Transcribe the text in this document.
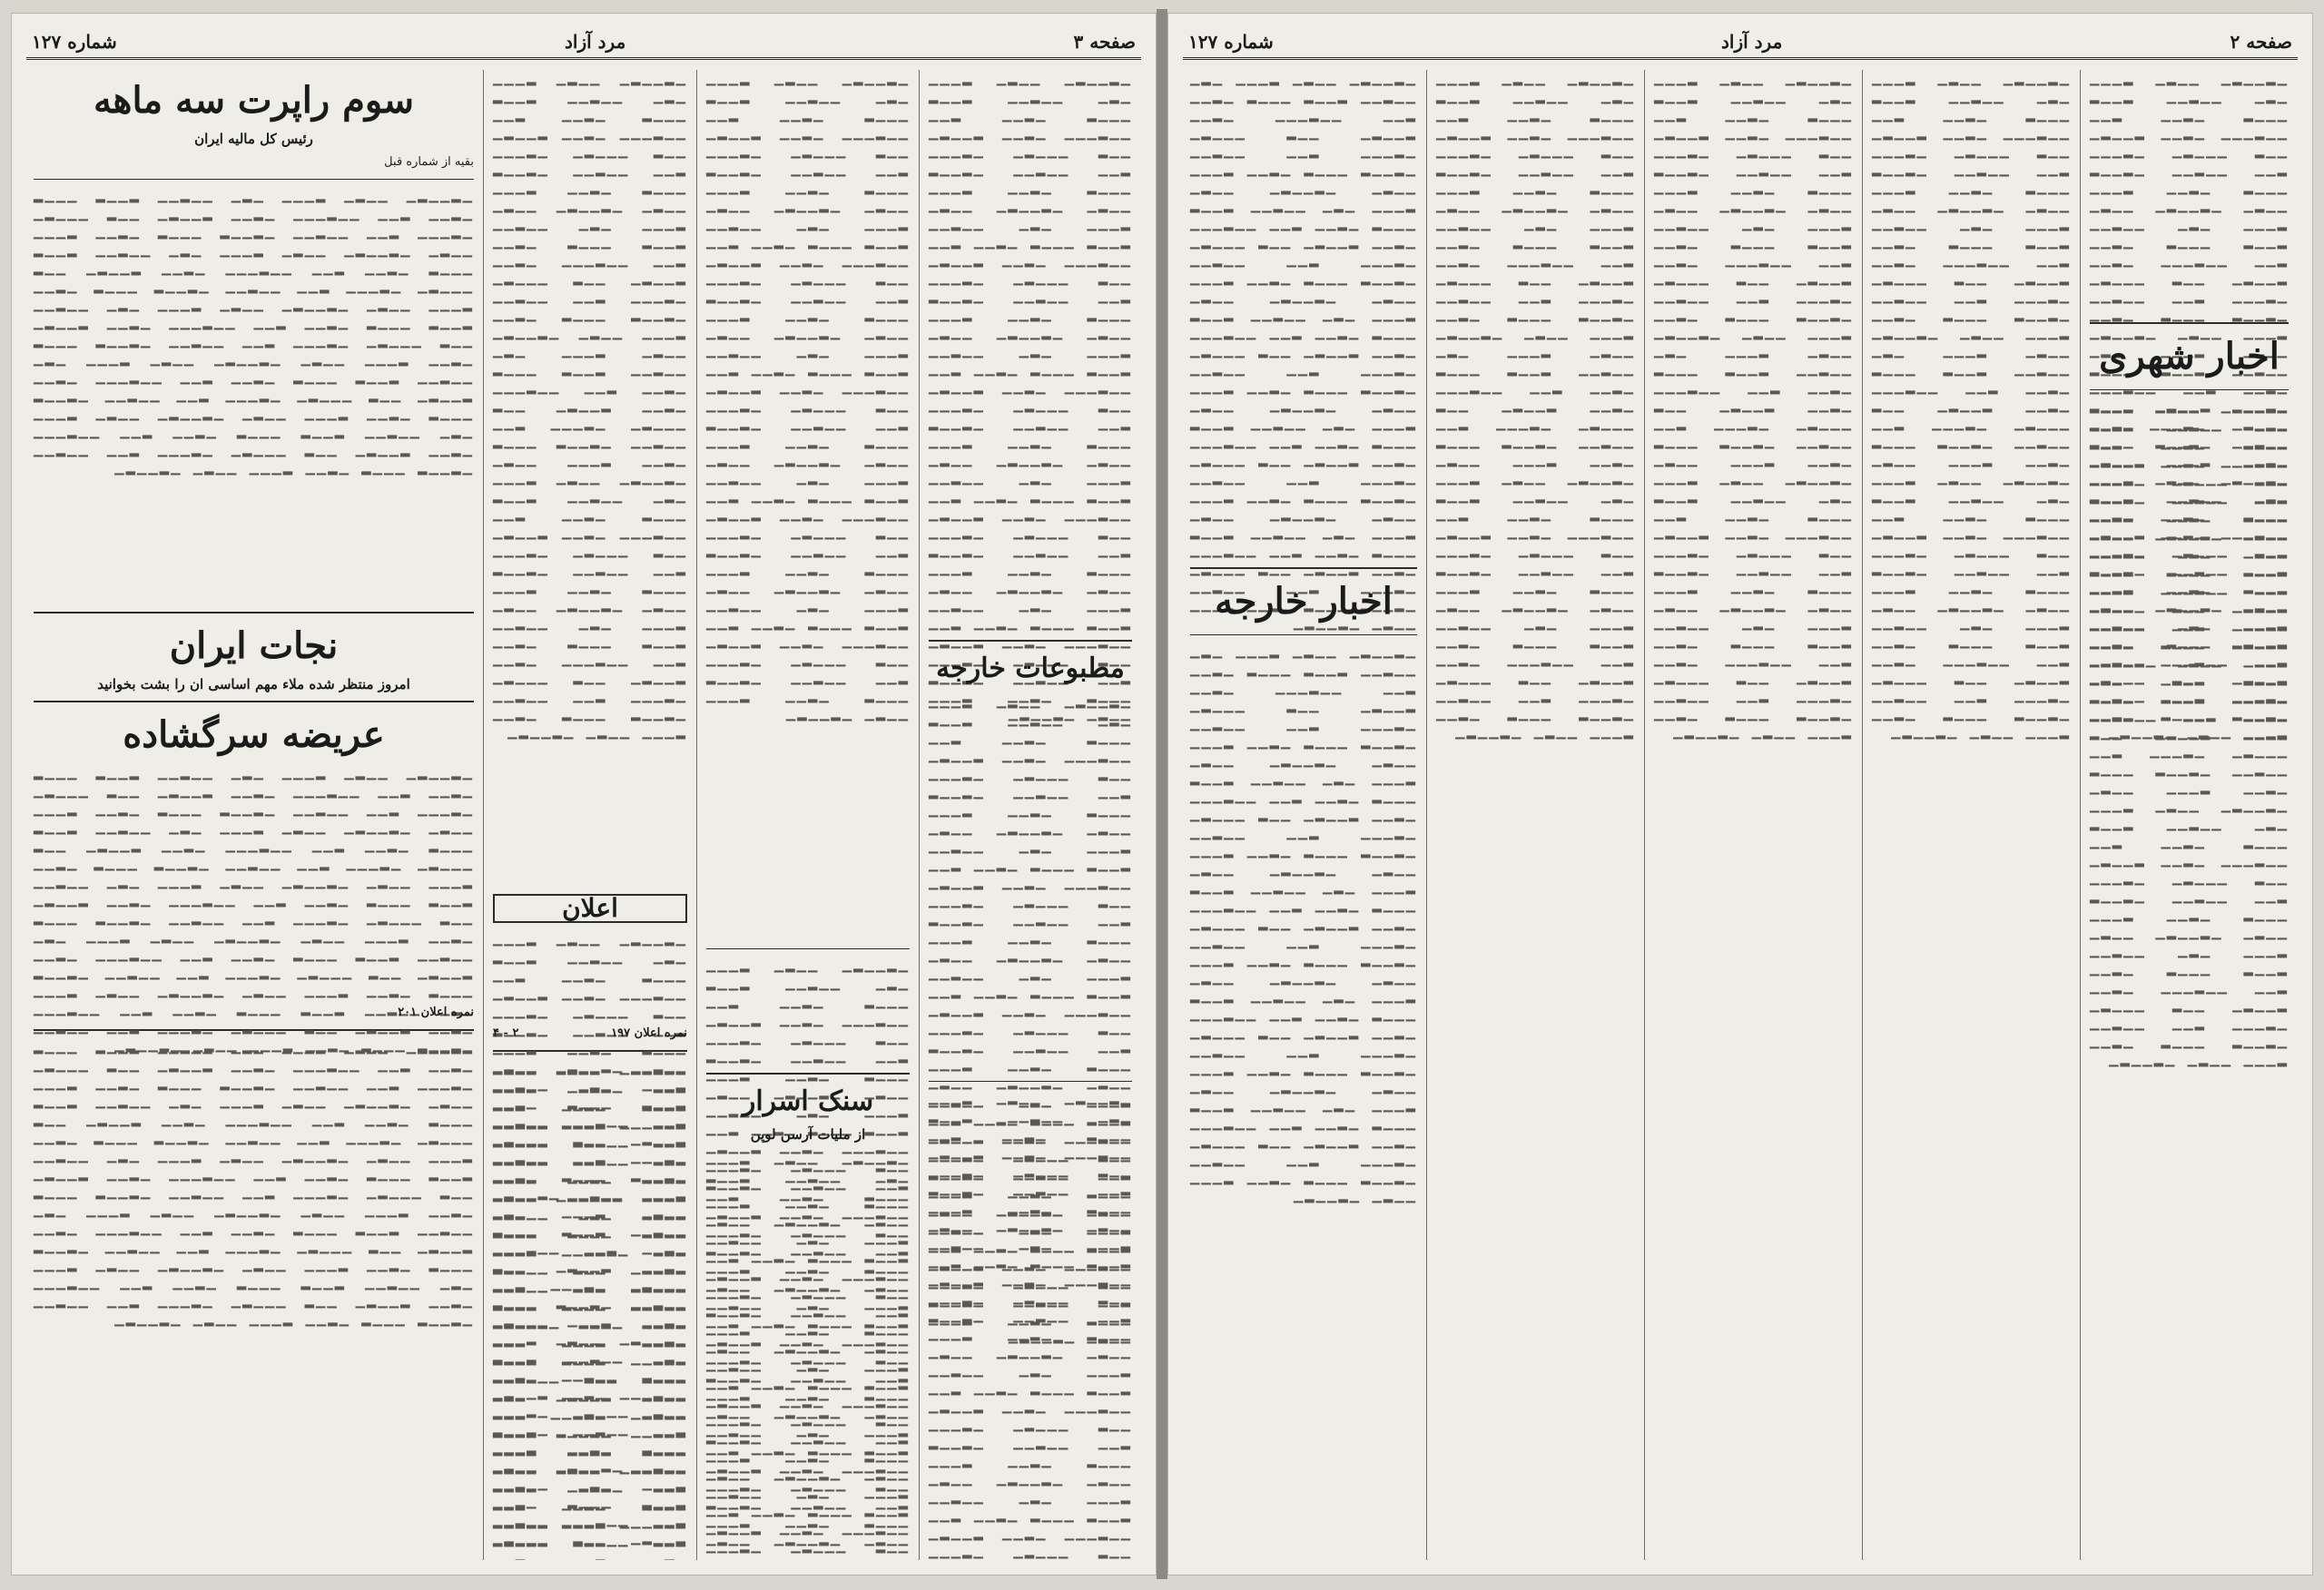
صفحه ۳
مرد آزاد
شماره ۱۲۷
▁▂▁▁▂▁ ▁▁▂▁ ▂▁▁▁ ▁▂▁ ▁▁▂▁▁ ▂▁▁▂ ▁▁▁▂ ▁▂▁▁ ▂▁▁ ▁▁▂▁▁▁ ▁▂▁▁ ▂▁▁▂▁ ▁▁▂ ▁▁▁▂▁ ▁▂▁▁▁ ▂▁▁ ▁▁▂▁▁ ▁▂▁▁▂ ▁▁▁▂ ▁▂▁▁ ▂▁▁▁ ▁▁▂▁ ▁▂▁▁▂▁ ▁▁▂▁ ▂▁▁▁ ▁▂▁ ▁▁▂▁▁ ▂▁▁▂ ▁▁▁▂ ▁▂▁▁ ▂▁▁ ▁▁▂▁▁▁ ▁▂▁▁ ▂▁▁▂▁ ▁▁▂ ▁▁▁▂▁ ▁▂▁▁▁ ▂▁▁ ▁▁▂▁▁ ▁▂▁▁▂ ▁▁▁▂ ▁▂▁▁ ▂▁▁▁ ▁▁▂▁ ▁▂▁▁▂▁ ▁▁▂▁ ▂▁▁▁ ▁▂▁ ▁▁▂▁▁ ▂▁▁▂ ▁▁▁▂ ▁▂▁▁ ▂▁▁ ▁▁▂▁▁▁ ▁▂▁▁ ▂▁▁▂▁ ▁▁▂ ▁▁▁▂▁ ▁▂▁▁▁ ▂▁▁ ▁▁▂▁▁ ▁▂▁▁▂ ▁▁▁▂ ▁▂▁▁ ▂▁▁▁ ▁▁▂▁ ▁▂▁▁▂▁ ▁▁▂▁ ▂▁▁▁ ▁▂▁ ▁▁▂▁▁ ▂▁▁▂ ▁▁▁▂ ▁▂▁▁ ▂▁▁ ▁▁▂▁▁▁ ▁▂▁▁ ▂▁▁▂▁ ▁▁▂ ▁▁▁▂▁ ▁▂▁▁▁ ▂▁▁ ▁▁▂▁▁ ▁▂▁▁▂ ▁▁▁▂ ▁▂▁▁ ▂▁▁▁ ▁▁▂▁ ▁▂▁▁▂▁ ▁▁▂▁ ▂▁▁▁ ▁▂▁ ▁▁▂▁▁ ▂▁▁▂ ▁▁▁▂ ▁▂▁▁ ▂▁▁ ▁▁▂▁▁▁ ▁▂▁▁ ▂▁▁▂▁ ▁▁▂ ▁▁▁▂▁ ▁▂▁▁▁ ▂▁▁ ▁▁▂▁▁ ▁▂▁▁▂ ▁▁▁▂ ▁▂▁▁ ▂▁▁▁ ▁▁▂▁ ▁▂▁▁▂▁
مطبوعات خارجه
▁▂▁▁▂▁ ▁▁▂▁ ▂▁▁▁ ▁▂▁ ▁▁▂▁▁ ▂▁▁▂ ▁▁▁▂ ▁▂▁▁ ▂▁▁ ▁▁▂▁▁▁ ▁▂▁▁ ▂▁▁▂▁ ▁▁▂ ▁▁▁▂▁ ▁▂▁▁▁ ▂▁▁ ▁▁▂▁▁ ▁▂▁▁▂ ▁▁▁▂ ▁▂▁▁ ▂▁▁▁ ▁▁▂▁ ▁▂▁▁▂▁ ▁▁▂▁ ▂▁▁▁ ▁▂▁ ▁▁▂▁▁ ▂▁▁▂ ▁▁▁▂ ▁▂▁▁ ▂▁▁ ▁▁▂▁▁▁ ▁▂▁▁ ▂▁▁▂▁ ▁▁▂ ▁▁▁▂▁ ▁▂▁▁▁ ▂▁▁ ▁▁▂▁▁ ▁▂▁▁▂ ▁▁▁▂ ▁▂▁▁ ▂▁▁▁ ▁▁▂▁ ▁▂▁▁▂▁ ▁▁▂▁ ▂▁▁▁ ▁▂▁ ▁▁▂▁▁ ▂▁▁▂ ▁▁▁▂ ▁▂▁▁ ▂▁▁ ▁▁▂▁▁▁ ▁▂▁▁ ▂▁▁▂▁ ▁▁▂ ▁▁▁▂▁ ▁▂▁▁▁ ▂▁▁ ▁▁▂▁▁ ▁▂▁▁▂ ▁▁▁▂ ▁▂▁▁ ▂▁▁▁ ▁▁▂▁ ▁▂▁▁▂▁ ▁▁▂▁ ▂▁▁▁ ▁▂▁ ▁▁▂▁▁ ▂▁▁▂ ▁▁▁▂ ▁▂▁▁ ▂▁▁ ▁▁▂▁▁▁ ▁▂▁▁ ▂▁▁▂▁ ▁▁▂ ▁▁▁▂▁ ▁▂▁▁▁ ▂▁▁ ▁▁▂▁▁ ▁▂▁▁▂ ▁▁▁▂ ▁▂▁▁ ▂▁▁▁ ▁▁▂▁ ▁▂▁▁▂▁ ▁▁▂▁ ▂▁▁▁ ▁▂▁ ▁▁▂▁▁ ▂▁▁▂ ▁▁▁▂ ▁▂▁▁ ▂▁▁ ▁▁▂▁▁▁ ▁▂▁▁ ▂▁▁▂▁ ▁▁▂ ▁▁▁▂▁ ▁▂▁▁▁ ▂▁▁ ▁▁▂▁▁ ▁▂▁▁▂ ▁▁▁▂ ▁▂▁▁ ▂▁▁▁ ▁▁▂▁ ▁▂▁▁▂▁
▁▂▁▁▂▁ ▁▁▂▁ ▂▁▁▁ ▁▂▁ ▁▁▂▁▁ ▂▁▁▂ ▁▁▁▂ ▁▂▁▁ ▂▁▁ ▁▁▂▁▁▁ ▁▂▁▁ ▂▁▁▂▁ ▁▁▂ ▁▁▁▂▁ ▁▂▁▁▁ ▂▁▁ ▁▁▂▁▁ ▁▂▁▁▂ ▁▁▁▂ ▁▂▁▁ ▂▁▁▁ ▁▁▂▁ ▁▂▁▁▂▁ ▁▁▂▁ ▂▁▁▁ ▁▂▁ ▁▁▂▁▁ ▂▁▁▂ ▁▁▁▂ ▁▂▁▁ ▂▁▁ ▁▁▂▁▁▁ ▁▂▁▁ ▂▁▁▂▁ ▁▁▂ ▁▁▁▂▁ ▁▂▁▁▁ ▂▁▁ ▁▁▂▁▁ ▁▂▁▁▂ ▁▁▁▂ ▁▂▁▁ ▂▁▁▁ ▁▁▂▁ ▁▂▁▁▂▁ ▁▁▂▁ ▂▁▁▁ ▁▂▁ ▁▁▂▁▁ ▂▁▁▂ ▁▁▁▂ ▁▂▁▁ ▂▁▁ ▁▁▂▁▁▁ ▁▂▁▁ ▂▁▁▂▁ ▁▁▂ ▁▁▁▂▁ ▁▂▁▁▁ ▂▁▁ ▁▁▂▁▁ ▁▂▁▁▂ ▁▁▁▂ ▁▂▁▁ ▂▁▁▁ ▁▁▂▁ ▁▂▁▁▂▁ ▁▁▂▁ ▂▁▁▁ ▁▂▁ ▁▁▂▁▁ ▂▁▁▂ ▁▁▁▂ ▁▂▁▁ ▂▁▁ ▁▁▂▁▁▁ ▁▂▁▁ ▂▁▁▂▁ ▁▁▂ ▁▁▁▂▁ ▁▂▁▁▁ ▂▁▁ ▁▁▂▁▁ ▁▂▁▁▂ ▁▁▁▂ ▁▂▁▁ ▂▁▁▁ ▁▁▂▁ ▁▂▁▁▂▁ ▁▁▂▁ ▂▁▁▁ ▁▂▁ ▁▁▂▁▁ ▂▁▁▂ ▁▁▁▂ ▁▂▁▁ ▂▁▁ ▁▁▂▁▁▁ ▁▂▁▁ ▂▁▁▂▁ ▁▁▂ ▁▁▁▂▁ ▁▂▁▁▁ ▂▁▁ ▁▁▂▁▁ ▁▂▁▁▂ ▁▁▁▂ ▁▂▁▁ ▂▁▁▁ ▁▁▂▁ ▁▂▁▁▂▁
▁▂▁▁▂▁ ▁▁▂▁ ▂▁▁▁ ▁▂▁ ▁▁▂▁▁ ▂▁▁▂ ▁▁▁▂ ▁▂▁▁ ▂▁▁ ▁▁▂▁▁▁ ▁▂▁▁ ▂▁▁▂▁ ▁▁▂ ▁▁▁▂▁ ▁▂▁▁▁ ▂▁▁ ▁▁▂▁▁ ▁▂▁▁▂ ▁▁▁▂ ▁▂▁▁ ▂▁▁▁ ▁▁▂▁ ▁▂▁▁▂▁ ▁▁▂▁ ▂▁▁▁ ▁▂▁ ▁▁▂▁▁ ▂▁▁▂ ▁▁▁▂ ▁▂▁▁ ▂▁▁ ▁▁▂▁▁▁ ▁▂▁▁ ▂▁▁▂▁ ▁▁▂ ▁▁▁▂▁ ▁▂▁▁▁ ▂▁▁ ▁▁▂▁▁ ▁▂▁▁▂ ▁▁▁▂ ▁▂▁▁ ▂▁▁▁ ▁▁▂▁ ▁▂▁▁▂▁ ▁▁▂▁ ▂▁▁▁ ▁▂▁ ▁▁▂▁▁ ▂▁▁▂ ▁▁▁▂ ▁▂▁▁ ▂▁▁ ▁▁▂▁▁▁ ▁▂▁▁ ▂▁▁▂▁ ▁▁▂ ▁▁▁▂▁ ▁▂▁▁▁ ▂▁▁ ▁▁▂▁▁ ▁▂▁▁▂ ▁▁▁▂ ▁▂▁▁ ▂▁▁▁ ▁▁▂▁ ▁▂▁▁▂▁ ▁▁▂▁ ▂▁▁▁ ▁▂▁ ▁▁▂▁▁ ▂▁▁▂ ▁▁▁▂ ▁▂▁▁ ▂▁▁ ▁▁▂▁▁▁ ▁▂▁▁ ▂▁▁▂▁ ▁▁▂ ▁▁▁▂▁ ▁▂▁▁▁ ▂▁▁ ▁▁▂▁▁ ▁▂▁▁▂ ▁▁▁▂ ▁▂▁▁ ▂▁▁▁ ▁▁▂▁ ▁▂▁▁▂▁ ▁▁▂▁ ▂▁▁▁ ▁▂▁ ▁▁▂▁▁ ▂▁▁▂ ▁▁▁▂ ▁▂▁▁ ▂▁▁ ▁▁▂▁▁▁ ▁▂▁▁ ▂▁▁▂▁ ▁▁▂ ▁▁▁▂▁ ▁▂▁▁▁ ▂▁▁ ▁▁▂▁▁ ▁▂▁▁▂ ▁▁▁▂ ▁▂▁▁ ▂▁▁▁ ▁▁▂▁ ▁▂▁▁▂▁
▁▂▁▁▂▁ ▁▁▂▁ ▂▁▁▁ ▁▂▁ ▁▁▂▁▁ ▂▁▁▂ ▁▁▁▂ ▁▂▁▁ ▂▁▁ ▁▁▂▁▁▁ ▁▂▁▁ ▂▁▁▂▁ ▁▁▂ ▁▁▁▂▁ ▁▂▁▁▁ ▂▁▁ ▁▁▂▁▁ ▁▂▁▁▂ ▁▁▁▂ ▁▂▁▁ ▂▁▁▁ ▁▁▂▁ ▁▂▁▁▂▁ ▁▁▂▁ ▂▁▁▁ ▁▂▁ ▁▁▂▁▁ ▂▁▁▂ ▁▁▁▂ ▁▂▁▁ ▂▁▁ ▁▁▂▁▁▁ ▁▂▁▁ ▂▁▁▂▁ ▁▁▂ ▁▁▁▂▁ ▁▂▁▁▁ ▂▁▁ ▁▁▂▁▁ ▁▂▁▁▂ ▁▁▁▂ ▁▂▁▁ ▂▁▁▁ ▁▁▂▁ ▁▂▁▁▂▁ ▁▁▂▁ ▂▁▁▁ ▁▂▁ ▁▁▂▁▁ ▂▁▁▂ ▁▁▁▂ ▁▂▁▁ ▂▁▁ ▁▁▂▁▁▁ ▁▂▁▁ ▂▁▁▂▁ ▁▁▂ ▁▁▁▂▁ ▁▂▁▁▁ ▂▁▁ ▁▁▂▁▁ ▁▂▁▁▂ ▁▁▁▂ ▁▂▁▁ ▂▁▁▁ ▁▁▂▁ ▁▂▁▁▂▁ ▁▁▂▁ ▂▁▁▁ ▁▂▁ ▁▁▂▁▁ ▂▁▁▂ ▁▁▁▂ ▁▂▁▁ ▂▁▁ ▁▁▂▁▁▁ ▁▂▁▁ ▂▁▁▂▁ ▁▁▂ ▁▁▁▂▁ ▁▂▁▁▁ ▂▁▁ ▁▁▂▁▁ ▁▂▁▁▂ ▁▁▁▂ ▁▂▁▁ ▂▁▁▁ ▁▁▂▁ ▁▂▁▁▂▁ ▁▁▂▁ ▂▁▁▁ ▁▂▁ ▁▁▂▁▁ ▂▁▁▂ ▁▁▁▂ ▁▂▁▁ ▂▁▁ ▁▁▂▁▁▁ ▁▂▁▁ ▂▁▁▂▁ ▁▁▂ ▁▁▁▂▁ ▁▂▁▁▁ ▂▁▁ ▁▁▂▁▁ ▁▂▁▁▂ ▁▁▁▂ ▁▂▁▁ ▂▁▁▁ ▁▁▂▁ ▁▂▁▁▂▁
سنک اسرار
از ملیات آرسن لوپن
▁▂▁▁▂▁ ▁▁▂▁ ▂▁▁▁ ▁▂▁ ▁▁▂▁▁ ▂▁▁▂ ▁▁▁▂ ▁▂▁▁ ▂▁▁ ▁▁▂▁▁▁ ▁▂▁▁ ▂▁▁▂▁ ▁▁▂ ▁▁▁▂▁ ▁▂▁▁▁ ▂▁▁ ▁▁▂▁▁ ▁▂▁▁▂ ▁▁▁▂ ▁▂▁▁ ▂▁▁▁ ▁▁▂▁ ▁▂▁▁▂▁ ▁▁▂▁ ▂▁▁▁ ▁▂▁ ▁▁▂▁▁ ▂▁▁▂ ▁▁▁▂ ▁▂▁▁ ▂▁▁ ▁▁▂▁▁▁ ▁▂▁▁ ▂▁▁▂▁ ▁▁▂ ▁▁▁▂▁ ▁▂▁▁▁ ▂▁▁ ▁▁▂▁▁ ▁▂▁▁▂ ▁▁▁▂ ▁▂▁▁ ▂▁▁▁ ▁▁▂▁ ▁▂▁▁▂▁ ▁▁▂▁ ▂▁▁▁ ▁▂▁ ▁▁▂▁▁ ▂▁▁▂ ▁▁▁▂ ▁▂▁▁ ▂▁▁ ▁▁▂▁▁▁ ▁▂▁▁ ▂▁▁▂▁ ▁▁▂ ▁▁▁▂▁ ▁▂▁▁▁ ▂▁▁ ▁▁▂▁▁ ▁▂▁▁▂ ▁▁▁▂ ▁▂▁▁ ▂▁▁▁ ▁▁▂▁ ▁▂▁▁▂▁ ▁▁▂▁ ▂▁▁▁ ▁▂▁ ▁▁▂▁▁ ▂▁▁▂ ▁▁▁▂ ▁▂▁▁ ▂▁▁ ▁▁▂▁▁▁ ▁▂▁▁ ▂▁▁▂▁ ▁▁▂ ▁▁▁▂▁ ▁▂▁▁▁ ▂▁▁ ▁▁▂▁▁ ▁▂▁▁▂ ▁▁▁▂ ▁▂▁▁ ▂▁▁▁ ▁▁▂▁ ▁▂▁▁▂▁ ▁▁▂▁ ▂▁▁▁ ▁▂▁ ▁▁▂▁▁ ▂▁▁▂ ▁▁▁▂ ▁▂▁▁ ▂▁▁ ▁▁▂▁▁▁ ▁▂▁▁ ▂▁▁▂▁ ▁▁▂ ▁▁▁▂▁ ▁▂▁▁▁ ▂▁▁ ▁▁▂▁▁ ▁▂▁▁▂ ▁▁▁▂ ▁▂▁▁ ▂▁▁▁ ▁▁▂▁ ▁▂▁▁▂▁
▁▂▁▁▂▁ ▁▁▂▁ ▂▁▁▁ ▁▂▁ ▁▁▂▁▁ ▂▁▁▂ ▁▁▁▂ ▁▂▁▁ ▂▁▁ ▁▁▂▁▁▁ ▁▂▁▁ ▂▁▁▂▁ ▁▁▂ ▁▁▁▂▁ ▁▂▁▁▁ ▂▁▁ ▁▁▂▁▁ ▁▂▁▁▂ ▁▁▁▂ ▁▂▁▁ ▂▁▁▁ ▁▁▂▁ ▁▂▁▁▂▁ ▁▁▂▁ ▂▁▁▁ ▁▂▁ ▁▁▂▁▁ ▂▁▁▂ ▁▁▁▂ ▁▂▁▁ ▂▁▁ ▁▁▂▁▁▁ ▁▂▁▁ ▂▁▁▂▁ ▁▁▂ ▁▁▁▂▁ ▁▂▁▁▁ ▂▁▁ ▁▁▂▁▁ ▁▂▁▁▂ ▁▁▁▂ ▁▂▁▁ ▂▁▁▁ ▁▁▂▁ ▁▂▁▁▂▁ ▁▁▂▁ ▂▁▁▁ ▁▂▁ ▁▁▂▁▁ ▂▁▁▂ ▁▁▁▂ ▁▂▁▁ ▂▁▁ ▁▁▂▁▁▁ ▁▂▁▁ ▂▁▁▂▁ ▁▁▂ ▁▁▁▂▁ ▁▂▁▁▁ ▂▁▁ ▁▁▂▁▁ ▁▂▁▁▂ ▁▁▁▂ ▁▂▁▁ ▂▁▁▁ ▁▁▂▁ ▁▂▁▁▂▁ ▁▁▂▁ ▂▁▁▁ ▁▂▁ ▁▁▂▁▁ ▂▁▁▂ ▁▁▁▂ ▁▂▁▁ ▂▁▁ ▁▁▂▁▁▁ ▁▂▁▁ ▂▁▁▂▁ ▁▁▂ ▁▁▁▂▁ ▁▂▁▁▁ ▂▁▁ ▁▁▂▁▁ ▁▂▁▁▂ ▁▁▁▂ ▁▂▁▁ ▂▁▁▁ ▁▁▂▁ ▁▂▁▁▂▁ ▁▁▂▁ ▂▁▁▁ ▁▂▁ ▁▁▂▁▁ ▂▁▁▂ ▁▁▁▂ ▁▂▁▁ ▂▁▁ ▁▁▂▁▁▁ ▁▂▁▁ ▂▁▁▂▁ ▁▁▂ ▁▁▁▂▁ ▁▂▁▁▁ ▂▁▁ ▁▁▂▁▁ ▁▂▁▁▂ ▁▁▁▂ ▁▂▁▁ ▂▁▁▁ ▁▁▂▁ ▁▂▁▁▂▁
اعلان
▁▂▁▁▂▁ ▁▁▂▁ ▂▁▁▁ ▁▂▁ ▁▁▂▁▁ ▂▁▁▂ ▁▁▁▂ ▁▂▁▁ ▂▁▁ ▁▁▂▁▁▁ ▁▂▁▁ ▂▁▁▂▁ ▁▁▂ ▁▁▁▂▁ ▁▂▁▁▁ ▂▁▁ ▁▁▂▁▁ ▁▂▁▁▂ ▁▁▁▂ ▁▂▁▁ ▂▁▁▁ ▁▁▂▁ ▁▂▁▁▂▁ ▁▁▂▁ ▂▁▁▁ ▁▂▁ ▁▁▂▁▁ ▂▁▁▂ ▁▁▁▂ ▁▂▁▁ ▂▁▁ ▁▁▂▁▁▁ ▁▂▁▁ ▂▁▁▂▁ ▁▁▂ ▁▁▁▂▁ ▁▂▁▁▁ ▂▁▁ ▁▁▂▁▁ ▁▂▁▁▂ ▁▁▁▂ ▁▂▁▁ ▂▁▁▁ ▁▁▂▁ ▁▂▁▁▂▁ ▁▁▂▁ ▂▁▁▁ ▁▂▁ ▁▁▂▁▁ ▂▁▁▂ ▁▁▁▂ ▁▂▁▁ ▂▁▁ ▁▁▂▁▁▁ ▁▂▁▁ ▂▁▁▂▁ ▁▁▂ ▁▁▁▂▁ ▁▂▁▁▁ ▂▁▁ ▁▁▂▁▁ ▁▂▁▁▂ ▁▁▁▂ ▁▂▁▁ ▂▁▁▁ ▁▁▂▁ ▁▂▁▁▂▁ ▁▁▂▁ ▂▁▁▁ ▁▂▁ ▁▁▂▁▁ ▂▁▁▂ ▁▁▁▂ ▁▂▁▁ ▂▁▁ ▁▁▂▁▁▁ ▁▂▁▁ ▂▁▁▂▁ ▁▁▂ ▁▁▁▂▁ ▁▂▁▁▁ ▂▁▁ ▁▁▂▁▁ ▁▂▁▁▂ ▁▁▁▂ ▁▂▁▁ ▂▁▁▁ ▁▁▂▁ ▁▂▁▁▂▁ ▁▁▂▁ ▂▁▁▁ ▁▂▁ ▁▁▂▁▁ ▂▁▁▂ ▁▁▁▂ ▁▂▁▁ ▂▁▁ ▁▁▂▁▁▁ ▁▂▁▁ ▂▁▁▂▁ ▁▁▂ ▁▁▁▂▁ ▁▂▁▁▁ ▂▁▁ ▁▁▂▁▁ ▁▂▁▁▂ ▁▁▁▂ ▁▂▁▁ ▂▁▁▁ ▁▁▂▁ ▁▂▁▁▂▁
نمره اعلان ۱۹۷
۲ - ۴
▁▂▁▁▂▁ ▁▁▂▁ ▂▁▁▁ ▁▂▁ ▁▁▂▁▁ ▂▁▁▂ ▁▁▁▂ ▁▂▁▁ ▂▁▁ ▁▁▂▁▁▁ ▁▂▁▁ ▂▁▁▂▁ ▁▁▂ ▁▁▁▂▁ ▁▂▁▁▁ ▂▁▁ ▁▁▂▁▁ ▁▂▁▁▂ ▁▁▁▂ ▁▂▁▁ ▂▁▁▁ ▁▁▂▁ ▁▂▁▁▂▁ ▁▁▂▁ ▂▁▁▁ ▁▂▁ ▁▁▂▁▁ ▂▁▁▂ ▁▁▁▂ ▁▂▁▁ ▂▁▁ ▁▁▂▁▁▁ ▁▂▁▁ ▂▁▁▂▁ ▁▁▂ ▁▁▁▂▁ ▁▂▁▁▁ ▂▁▁ ▁▁▂▁▁ ▁▂▁▁▂ ▁▁▁▂ ▁▂▁▁ ▂▁▁▁ ▁▁▂▁ ▁▂▁▁▂▁ ▁▁▂▁ ▂▁▁▁ ▁▂▁ ▁▁▂▁▁ ▂▁▁▂ ▁▁▁▂ ▁▂▁▁ ▂▁▁ ▁▁▂▁▁▁ ▁▂▁▁ ▂▁▁▂▁ ▁▁▂ ▁▁▁▂▁ ▁▂▁▁▁ ▂▁▁ ▁▁▂▁▁ ▁▂▁▁▂ ▁▁▁▂ ▁▂▁▁ ▂▁▁▁ ▁▁▂▁ ▁▂▁▁▂▁ ▁▁▂▁ ▂▁▁▁ ▁▂▁ ▁▁▂▁▁ ▂▁▁▂ ▁▁▁▂ ▁▂▁▁ ▂▁▁ ▁▁▂▁▁▁ ▁▂▁▁ ▂▁▁▂▁ ▁▁▂ ▁▁▁▂▁ ▁▂▁▁▁ ▂▁▁ ▁▁▂▁▁ ▁▂▁▁▂ ▁▁▁▂ ▁▂▁▁ ▂▁▁▁ ▁▁▂▁ ▁▂▁▁▂▁ ▁▁▂▁ ▂▁▁▁ ▁▂▁ ▁▁▂▁▁ ▂▁▁▂ ▁▁▁▂ ▁▂▁▁ ▂▁▁ ▁▁▂▁▁▁ ▁▂▁▁ ▂▁▁▂▁ ▁▁▂ ▁▁▁▂▁ ▁▂▁▁▁ ▂▁▁ ▁▁▂▁▁ ▁▂▁▁▂ ▁▁▁▂ ▁▂▁▁ ▂▁▁▁ ▁▁▂▁ ▁▂▁▁▂▁
سوم راپرت سه ماهه
رئیس کل مالیه ایران
بقیه از شماره قبل
▁▂▁▁▂▁ ▁▁▂▁ ▂▁▁▁ ▁▂▁ ▁▁▂▁▁ ▂▁▁▂ ▁▁▁▂ ▁▂▁▁ ▂▁▁ ▁▁▂▁▁▁ ▁▂▁▁ ▂▁▁▂▁ ▁▁▂ ▁▁▁▂▁ ▁▂▁▁▁ ▂▁▁ ▁▁▂▁▁ ▁▂▁▁▂ ▁▁▁▂ ▁▂▁▁ ▂▁▁▁ ▁▁▂▁ ▁▂▁▁▂▁ ▁▁▂▁ ▂▁▁▁ ▁▂▁ ▁▁▂▁▁ ▂▁▁▂ ▁▁▁▂ ▁▂▁▁ ▂▁▁ ▁▁▂▁▁▁ ▁▂▁▁ ▂▁▁▂▁ ▁▁▂ ▁▁▁▂▁ ▁▂▁▁▁ ▂▁▁ ▁▁▂▁▁ ▁▂▁▁▂ ▁▁▁▂ ▁▂▁▁ ▂▁▁▁ ▁▁▂▁ ▁▂▁▁▂▁ ▁▁▂▁ ▂▁▁▁ ▁▂▁ ▁▁▂▁▁ ▂▁▁▂ ▁▁▁▂ ▁▂▁▁ ▂▁▁ ▁▁▂▁▁▁ ▁▂▁▁ ▂▁▁▂▁ ▁▁▂ ▁▁▁▂▁ ▁▂▁▁▁ ▂▁▁ ▁▁▂▁▁ ▁▂▁▁▂ ▁▁▁▂ ▁▂▁▁ ▂▁▁▁ ▁▁▂▁ ▁▂▁▁▂▁ ▁▁▂▁ ▂▁▁▁ ▁▂▁ ▁▁▂▁▁ ▂▁▁▂ ▁▁▁▂ ▁▂▁▁ ▂▁▁ ▁▁▂▁▁▁ ▁▂▁▁ ▂▁▁▂▁ ▁▁▂ ▁▁▁▂▁ ▁▂▁▁▁ ▂▁▁ ▁▁▂▁▁ ▁▂▁▁▂ ▁▁▁▂ ▁▂▁▁ ▂▁▁▁ ▁▁▂▁ ▁▂▁▁▂▁ ▁▁▂▁ ▂▁▁▁ ▁▂▁ ▁▁▂▁▁ ▂▁▁▂ ▁▁▁▂ ▁▂▁▁ ▂▁▁ ▁▁▂▁▁▁ ▁▂▁▁ ▂▁▁▂▁ ▁▁▂ ▁▁▁▂▁ ▁▂▁▁▁ ▂▁▁ ▁▁▂▁▁ ▁▂▁▁▂ ▁▁▁▂ ▁▂▁▁ ▂▁▁▁ ▁▁▂▁ ▁▂▁▁▂▁
نجات ایران
امروز منتظر شده ملاء مهم اساسی ان را بشت بخوانید
عریضه سرگشاده
▁▂▁▁▂▁ ▁▁▂▁ ▂▁▁▁ ▁▂▁ ▁▁▂▁▁ ▂▁▁▂ ▁▁▁▂ ▁▂▁▁ ▂▁▁ ▁▁▂▁▁▁ ▁▂▁▁ ▂▁▁▂▁ ▁▁▂ ▁▁▁▂▁ ▁▂▁▁▁ ▂▁▁ ▁▁▂▁▁ ▁▂▁▁▂ ▁▁▁▂ ▁▂▁▁ ▂▁▁▁ ▁▁▂▁ ▁▂▁▁▂▁ ▁▁▂▁ ▂▁▁▁ ▁▂▁ ▁▁▂▁▁ ▂▁▁▂ ▁▁▁▂ ▁▂▁▁ ▂▁▁ ▁▁▂▁▁▁ ▁▂▁▁ ▂▁▁▂▁ ▁▁▂ ▁▁▁▂▁ ▁▂▁▁▁ ▂▁▁ ▁▁▂▁▁ ▁▂▁▁▂ ▁▁▁▂ ▁▂▁▁ ▂▁▁▁ ▁▁▂▁ ▁▂▁▁▂▁ ▁▁▂▁ ▂▁▁▁ ▁▂▁ ▁▁▂▁▁ ▂▁▁▂ ▁▁▁▂ ▁▂▁▁ ▂▁▁ ▁▁▂▁▁▁ ▁▂▁▁ ▂▁▁▂▁ ▁▁▂ ▁▁▁▂▁ ▁▂▁▁▁ ▂▁▁ ▁▁▂▁▁ ▁▂▁▁▂ ▁▁▁▂ ▁▂▁▁ ▂▁▁▁ ▁▁▂▁ ▁▂▁▁▂▁ ▁▁▂▁ ▂▁▁▁ ▁▂▁ ▁▁▂▁▁ ▂▁▁▂ ▁▁▁▂ ▁▂▁▁ ▂▁▁ ▁▁▂▁▁▁ ▁▂▁▁ ▂▁▁▂▁ ▁▁▂ ▁▁▁▂▁ ▁▂▁▁▁ ▂▁▁ ▁▁▂▁▁ ▁▂▁▁▂ ▁▁▁▂ ▁▂▁▁ ▂▁▁▁ ▁▁▂▁ ▁▂▁▁▂▁ ▁▁▂▁ ▂▁▁▁ ▁▂▁ ▁▁▂▁▁ ▂▁▁▂ ▁▁▁▂ ▁▂▁▁ ▂▁▁ ▁▁▂▁▁▁ ▁▂▁▁ ▂▁▁▂▁ ▁▁▂ ▁▁▁▂▁ ▁▂▁▁▁ ▂▁▁ ▁▁▂▁▁ ▁▂▁▁▂ ▁▁▁▂ ▁▂▁▁ ▂▁▁▁ ▁▁▂▁ ▁▂▁▁▂▁
نمره اعلان ۲۰۱
▁▂▁▁▂▁ ▁▁▂▁ ▂▁▁▁ ▁▂▁ ▁▁▂▁▁ ▂▁▁▂ ▁▁▁▂ ▁▂▁▁ ▂▁▁ ▁▁▂▁▁▁ ▁▂▁▁ ▂▁▁▂▁ ▁▁▂ ▁▁▁▂▁ ▁▂▁▁▁ ▂▁▁ ▁▁▂▁▁ ▁▂▁▁▂ ▁▁▁▂ ▁▂▁▁ ▂▁▁▁ ▁▁▂▁ ▁▂▁▁▂▁ ▁▁▂▁ ▂▁▁▁ ▁▂▁ ▁▁▂▁▁ ▂▁▁▂ ▁▁▁▂ ▁▂▁▁ ▂▁▁ ▁▁▂▁▁▁ ▁▂▁▁ ▂▁▁▂▁ ▁▁▂ ▁▁▁▂▁ ▁▂▁▁▁ ▂▁▁ ▁▁▂▁▁ ▁▂▁▁▂ ▁▁▁▂ ▁▂▁▁ ▂▁▁▁ ▁▁▂▁ ▁▂▁▁▂▁ ▁▁▂▁ ▂▁▁▁ ▁▂▁ ▁▁▂▁▁ ▂▁▁▂ ▁▁▁▂ ▁▂▁▁ ▂▁▁ ▁▁▂▁▁▁ ▁▂▁▁ ▂▁▁▂▁ ▁▁▂ ▁▁▁▂▁ ▁▂▁▁▁ ▂▁▁ ▁▁▂▁▁ ▁▂▁▁▂ ▁▁▁▂ ▁▂▁▁ ▂▁▁▁ ▁▁▂▁ ▁▂▁▁▂▁ ▁▁▂▁ ▂▁▁▁ ▁▂▁ ▁▁▂▁▁ ▂▁▁▂ ▁▁▁▂ ▁▂▁▁ ▂▁▁ ▁▁▂▁▁▁ ▁▂▁▁ ▂▁▁▂▁ ▁▁▂ ▁▁▁▂▁ ▁▂▁▁▁ ▂▁▁ ▁▁▂▁▁ ▁▂▁▁▂ ▁▁▁▂ ▁▂▁▁ ▂▁▁▁ ▁▁▂▁ ▁▂▁▁▂▁ ▁▁▂▁ ▂▁▁▁ ▁▂▁ ▁▁▂▁▁ ▂▁▁▂ ▁▁▁▂ ▁▂▁▁ ▂▁▁ ▁▁▂▁▁▁ ▁▂▁▁ ▂▁▁▂▁ ▁▁▂ ▁▁▁▂▁ ▁▂▁▁▁ ▂▁▁ ▁▁▂▁▁ ▁▂▁▁▂ ▁▁▁▂ ▁▂▁▁ ▂▁▁▁ ▁▁▂▁ ▁▂▁▁▂▁
صفحه ۲
مرد آزاد
شماره ۱۲۷
▁▂▁▁▂▁ ▁▁▂▁ ▂▁▁▁ ▁▂▁ ▁▁▂▁▁ ▂▁▁▂ ▁▁▁▂ ▁▂▁▁ ▂▁▁ ▁▁▂▁▁▁ ▁▂▁▁ ▂▁▁▂▁ ▁▁▂ ▁▁▁▂▁ ▁▂▁▁▁ ▂▁▁ ▁▁▂▁▁ ▁▂▁▁▂ ▁▁▁▂ ▁▂▁▁ ▂▁▁▁ ▁▁▂▁ ▁▂▁▁▂▁ ▁▁▂▁ ▂▁▁▁ ▁▂▁ ▁▁▂▁▁ ▂▁▁▂ ▁▁▁▂ ▁▂▁▁ ▂▁▁ ▁▁▂▁▁▁ ▁▂▁▁ ▂▁▁▂▁ ▁▁▂ ▁▁▁▂▁ ▁▂▁▁▁ ▂▁▁ ▁▁▂▁▁ ▁▂▁▁▂ ▁▁▁▂ ▁▂▁▁ ▂▁▁▁ ▁▁▂▁ ▁▂▁▁▂▁ ▁▁▂▁ ▂▁▁▁ ▁▂▁ ▁▁▂▁▁ ▂▁▁▂ ▁▁▁▂ ▁▂▁▁ ▂▁▁ ▁▁▂▁▁▁ ▁▂▁▁ ▂▁▁▂▁ ▁▁▂ ▁▁▁▂▁ ▁▂▁▁▁ ▂▁▁ ▁▁▂▁▁ ▁▂▁▁▂ ▁▁▁▂ ▁▂▁▁ ▂▁▁▁ ▁▁▂▁ ▁▂▁▁▂▁ ▁▁▂▁ ▂▁▁▁ ▁▂▁ ▁▁▂▁▁ ▂▁▁▂ ▁▁▁▂ ▁▂▁▁ ▂▁▁ ▁▁▂▁▁▁ ▁▂▁▁ ▂▁▁▂▁ ▁▁▂ ▁▁▁▂▁ ▁▂▁▁▁ ▂▁▁ ▁▁▂▁▁ ▁▂▁▁▂ ▁▁▁▂ ▁▂▁▁ ▂▁▁▁ ▁▁▂▁ ▁▂▁▁▂▁ ▁▁▂▁ ▂▁▁▁ ▁▂▁ ▁▁▂▁▁ ▂▁▁▂ ▁▁▁▂ ▁▂▁▁ ▂▁▁ ▁▁▂▁▁▁ ▁▂▁▁ ▂▁▁▂▁ ▁▁▂ ▁▁▁▂▁ ▁▂▁▁▁ ▂▁▁ ▁▁▂▁▁ ▁▂▁▁▂ ▁▁▁▂ ▁▂▁▁ ▂▁▁▁ ▁▁▂▁ ▁▂▁▁▂▁
اخبار شهری
▁▂▁▁▂▁ ▁▁▂▁ ▂▁▁▁ ▁▂▁ ▁▁▂▁▁ ▂▁▁▂ ▁▁▁▂ ▁▂▁▁ ▂▁▁ ▁▁▂▁▁▁ ▁▂▁▁ ▂▁▁▂▁ ▁▁▂ ▁▁▁▂▁ ▁▂▁▁▁ ▂▁▁ ▁▁▂▁▁ ▁▂▁▁▂ ▁▁▁▂ ▁▂▁▁ ▂▁▁▁ ▁▁▂▁ ▁▂▁▁▂▁ ▁▁▂▁ ▂▁▁▁ ▁▂▁ ▁▁▂▁▁ ▂▁▁▂ ▁▁▁▂ ▁▂▁▁ ▂▁▁ ▁▁▂▁▁▁ ▁▂▁▁ ▂▁▁▂▁ ▁▁▂ ▁▁▁▂▁ ▁▂▁▁▁ ▂▁▁ ▁▁▂▁▁ ▁▂▁▁▂ ▁▁▁▂ ▁▂▁▁ ▂▁▁▁ ▁▁▂▁ ▁▂▁▁▂▁ ▁▁▂▁ ▂▁▁▁ ▁▂▁ ▁▁▂▁▁ ▂▁▁▂ ▁▁▁▂ ▁▂▁▁ ▂▁▁ ▁▁▂▁▁▁ ▁▂▁▁ ▂▁▁▂▁ ▁▁▂ ▁▁▁▂▁ ▁▂▁▁▁ ▂▁▁ ▁▁▂▁▁ ▁▂▁▁▂ ▁▁▁▂ ▁▂▁▁ ▂▁▁▁ ▁▁▂▁ ▁▂▁▁▂▁ ▁▁▂▁ ▂▁▁▁ ▁▂▁ ▁▁▂▁▁ ▂▁▁▂ ▁▁▁▂ ▁▂▁▁ ▂▁▁ ▁▁▂▁▁▁ ▁▂▁▁ ▂▁▁▂▁ ▁▁▂ ▁▁▁▂▁ ▁▂▁▁▁ ▂▁▁ ▁▁▂▁▁ ▁▂▁▁▂ ▁▁▁▂ ▁▂▁▁ ▂▁▁▁ ▁▁▂▁ ▁▂▁▁▂▁ ▁▁▂▁ ▂▁▁▁ ▁▂▁ ▁▁▂▁▁ ▂▁▁▂ ▁▁▁▂ ▁▂▁▁ ▂▁▁ ▁▁▂▁▁▁ ▁▂▁▁ ▂▁▁▂▁ ▁▁▂ ▁▁▁▂▁ ▁▂▁▁▁ ▂▁▁ ▁▁▂▁▁ ▁▂▁▁▂ ▁▁▁▂ ▁▂▁▁ ▂▁▁▁ ▁▁▂▁ ▁▂▁▁▂▁
▁▂▁▁▂▁ ▁▁▂▁ ▂▁▁▁ ▁▂▁ ▁▁▂▁▁ ▂▁▁▂ ▁▁▁▂ ▁▂▁▁ ▂▁▁ ▁▁▂▁▁▁ ▁▂▁▁ ▂▁▁▂▁ ▁▁▂ ▁▁▁▂▁ ▁▂▁▁▁ ▂▁▁ ▁▁▂▁▁ ▁▂▁▁▂ ▁▁▁▂ ▁▂▁▁ ▂▁▁▁ ▁▁▂▁ ▁▂▁▁▂▁ ▁▁▂▁ ▂▁▁▁ ▁▂▁ ▁▁▂▁▁ ▂▁▁▂ ▁▁▁▂ ▁▂▁▁ ▂▁▁ ▁▁▂▁▁▁ ▁▂▁▁ ▂▁▁▂▁ ▁▁▂ ▁▁▁▂▁ ▁▂▁▁▁ ▂▁▁ ▁▁▂▁▁ ▁▂▁▁▂ ▁▁▁▂ ▁▂▁▁ ▂▁▁▁ ▁▁▂▁ ▁▂▁▁▂▁ ▁▁▂▁ ▂▁▁▁ ▁▂▁ ▁▁▂▁▁ ▂▁▁▂ ▁▁▁▂ ▁▂▁▁ ▂▁▁ ▁▁▂▁▁▁ ▁▂▁▁ ▂▁▁▂▁ ▁▁▂ ▁▁▁▂▁ ▁▂▁▁▁ ▂▁▁ ▁▁▂▁▁ ▁▂▁▁▂ ▁▁▁▂ ▁▂▁▁ ▂▁▁▁ ▁▁▂▁ ▁▂▁▁▂▁ ▁▁▂▁ ▂▁▁▁ ▁▂▁ ▁▁▂▁▁ ▂▁▁▂ ▁▁▁▂ ▁▂▁▁ ▂▁▁ ▁▁▂▁▁▁ ▁▂▁▁ ▂▁▁▂▁ ▁▁▂ ▁▁▁▂▁ ▁▂▁▁▁ ▂▁▁ ▁▁▂▁▁ ▁▂▁▁▂ ▁▁▁▂ ▁▂▁▁ ▂▁▁▁ ▁▁▂▁ ▁▂▁▁▂▁ ▁▁▂▁ ▂▁▁▁ ▁▂▁ ▁▁▂▁▁ ▂▁▁▂ ▁▁▁▂ ▁▂▁▁ ▂▁▁ ▁▁▂▁▁▁ ▁▂▁▁ ▂▁▁▂▁ ▁▁▂ ▁▁▁▂▁ ▁▂▁▁▁ ▂▁▁ ▁▁▂▁▁ ▁▂▁▁▂ ▁▁▁▂ ▁▂▁▁ ▂▁▁▁ ▁▁▂▁ ▁▂▁▁▂▁
▁▂▁▁▂▁ ▁▁▂▁ ▂▁▁▁ ▁▂▁ ▁▁▂▁▁ ▂▁▁▂ ▁▁▁▂ ▁▂▁▁ ▂▁▁ ▁▁▂▁▁▁ ▁▂▁▁ ▂▁▁▂▁ ▁▁▂ ▁▁▁▂▁ ▁▂▁▁▁ ▂▁▁ ▁▁▂▁▁ ▁▂▁▁▂ ▁▁▁▂ ▁▂▁▁ ▂▁▁▁ ▁▁▂▁ ▁▂▁▁▂▁ ▁▁▂▁ ▂▁▁▁ ▁▂▁ ▁▁▂▁▁ ▂▁▁▂ ▁▁▁▂ ▁▂▁▁ ▂▁▁ ▁▁▂▁▁▁ ▁▂▁▁ ▂▁▁▂▁ ▁▁▂ ▁▁▁▂▁ ▁▂▁▁▁ ▂▁▁ ▁▁▂▁▁ ▁▂▁▁▂ ▁▁▁▂ ▁▂▁▁ ▂▁▁▁ ▁▁▂▁ ▁▂▁▁▂▁ ▁▁▂▁ ▂▁▁▁ ▁▂▁ ▁▁▂▁▁ ▂▁▁▂ ▁▁▁▂ ▁▂▁▁ ▂▁▁ ▁▁▂▁▁▁ ▁▂▁▁ ▂▁▁▂▁ ▁▁▂ ▁▁▁▂▁ ▁▂▁▁▁ ▂▁▁ ▁▁▂▁▁ ▁▂▁▁▂ ▁▁▁▂ ▁▂▁▁ ▂▁▁▁ ▁▁▂▁ ▁▂▁▁▂▁ ▁▁▂▁ ▂▁▁▁ ▁▂▁ ▁▁▂▁▁ ▂▁▁▂ ▁▁▁▂ ▁▂▁▁ ▂▁▁ ▁▁▂▁▁▁ ▁▂▁▁ ▂▁▁▂▁ ▁▁▂ ▁▁▁▂▁ ▁▂▁▁▁ ▂▁▁ ▁▁▂▁▁ ▁▂▁▁▂ ▁▁▁▂ ▁▂▁▁ ▂▁▁▁ ▁▁▂▁ ▁▂▁▁▂▁ ▁▁▂▁ ▂▁▁▁ ▁▂▁ ▁▁▂▁▁ ▂▁▁▂ ▁▁▁▂ ▁▂▁▁ ▂▁▁ ▁▁▂▁▁▁ ▁▂▁▁ ▂▁▁▂▁ ▁▁▂ ▁▁▁▂▁ ▁▂▁▁▁ ▂▁▁ ▁▁▂▁▁ ▁▂▁▁▂ ▁▁▁▂ ▁▂▁▁ ▂▁▁▁ ▁▁▂▁ ▁▂▁▁▂▁
▁▂▁▁▂▁ ▁▁▂▁ ▂▁▁▁ ▁▂▁ ▁▁▂▁▁ ▂▁▁▂ ▁▁▁▂ ▁▂▁▁ ▂▁▁ ▁▁▂▁▁▁ ▁▂▁▁ ▂▁▁▂▁ ▁▁▂ ▁▁▁▂▁ ▁▂▁▁▁ ▂▁▁ ▁▁▂▁▁ ▁▂▁▁▂ ▁▁▁▂ ▁▂▁▁ ▂▁▁▁ ▁▁▂▁ ▁▂▁▁▂▁ ▁▁▂▁ ▂▁▁▁ ▁▂▁ ▁▁▂▁▁ ▂▁▁▂ ▁▁▁▂ ▁▂▁▁ ▂▁▁ ▁▁▂▁▁▁ ▁▂▁▁ ▂▁▁▂▁ ▁▁▂ ▁▁▁▂▁ ▁▂▁▁▁ ▂▁▁ ▁▁▂▁▁ ▁▂▁▁▂ ▁▁▁▂ ▁▂▁▁ ▂▁▁▁ ▁▁▂▁ ▁▂▁▁▂▁ ▁▁▂▁ ▂▁▁▁ ▁▂▁ ▁▁▂▁▁ ▂▁▁▂ ▁▁▁▂ ▁▂▁▁ ▂▁▁ ▁▁▂▁▁▁ ▁▂▁▁ ▂▁▁▂▁ ▁▁▂ ▁▁▁▂▁ ▁▂▁▁▁ ▂▁▁ ▁▁▂▁▁ ▁▂▁▁▂ ▁▁▁▂ ▁▂▁▁ ▂▁▁▁ ▁▁▂▁ ▁▂▁▁▂▁ ▁▁▂▁ ▂▁▁▁ ▁▂▁ ▁▁▂▁▁ ▂▁▁▂ ▁▁▁▂ ▁▂▁▁ ▂▁▁ ▁▁▂▁▁▁ ▁▂▁▁ ▂▁▁▂▁ ▁▁▂ ▁▁▁▂▁ ▁▂▁▁▁ ▂▁▁ ▁▁▂▁▁ ▁▂▁▁▂ ▁▁▁▂ ▁▂▁▁ ▂▁▁▁ ▁▁▂▁ ▁▂▁▁▂▁ ▁▁▂▁ ▂▁▁▁ ▁▂▁ ▁▁▂▁▁ ▂▁▁▂ ▁▁▁▂ ▁▂▁▁ ▂▁▁ ▁▁▂▁▁▁ ▁▂▁▁ ▂▁▁▂▁ ▁▁▂ ▁▁▁▂▁ ▁▂▁▁▁ ▂▁▁ ▁▁▂▁▁ ▁▂▁▁▂ ▁▁▁▂ ▁▂▁▁ ▂▁▁▁ ▁▁▂▁ ▁▂▁▁▂▁
▁▂▁▁▂▁ ▁▁▂▁ ▂▁▁▁ ▁▂▁ ▁▁▂▁▁ ▂▁▁▂ ▁▁▁▂ ▁▂▁▁ ▂▁▁ ▁▁▂▁▁▁ ▁▂▁▁ ▂▁▁▂▁ ▁▁▂ ▁▁▁▂▁ ▁▂▁▁▁ ▂▁▁ ▁▁▂▁▁ ▁▂▁▁▂ ▁▁▁▂ ▁▂▁▁ ▂▁▁▁ ▁▁▂▁ ▁▂▁▁▂▁ ▁▁▂▁ ▂▁▁▁ ▁▂▁ ▁▁▂▁▁ ▂▁▁▂ ▁▁▁▂ ▁▂▁▁ ▂▁▁ ▁▁▂▁▁▁ ▁▂▁▁ ▂▁▁▂▁ ▁▁▂ ▁▁▁▂▁ ▁▂▁▁▁ ▂▁▁ ▁▁▂▁▁ ▁▂▁▁▂ ▁▁▁▂ ▁▂▁▁ ▂▁▁▁ ▁▁▂▁ ▁▂▁▁▂▁ ▁▁▂▁ ▂▁▁▁ ▁▂▁ ▁▁▂▁▁ ▂▁▁▂ ▁▁▁▂ ▁▂▁▁ ▂▁▁ ▁▁▂▁▁▁ ▁▂▁▁ ▂▁▁▂▁ ▁▁▂ ▁▁▁▂▁ ▁▂▁▁▁ ▂▁▁ ▁▁▂▁▁ ▁▂▁▁▂ ▁▁▁▂ ▁▂▁▁ ▂▁▁▁ ▁▁▂▁ ▁▂▁▁▂▁ ▁▁▂▁ ▂▁▁▁ ▁▂▁ ▁▁▂▁▁ ▂▁▁▂ ▁▁▁▂ ▁▂▁▁ ▂▁▁ ▁▁▂▁▁▁ ▁▂▁▁ ▂▁▁▂▁ ▁▁▂ ▁▁▁▂▁ ▁▂▁▁▁ ▂▁▁ ▁▁▂▁▁ ▁▂▁▁▂ ▁▁▁▂ ▁▂▁▁ ▂▁▁▁ ▁▁▂▁ ▁▂▁▁▂▁ ▁▁▂▁ ▂▁▁▁ ▁▂▁ ▁▁▂▁▁ ▂▁▁▂ ▁▁▁▂ ▁▂▁▁ ▂▁▁ ▁▁▂▁▁▁ ▁▂▁▁ ▂▁▁▂▁ ▁▁▂ ▁▁▁▂▁ ▁▂▁▁▁ ▂▁▁ ▁▁▂▁▁ ▁▂▁▁▂ ▁▁▁▂ ▁▂▁▁ ▂▁▁▁ ▁▁▂▁ ▁▂▁▁▂▁
اخبار خارجه
▁▂▁▁▂▁ ▁▁▂▁ ▂▁▁▁ ▁▂▁ ▁▁▂▁▁ ▂▁▁▂ ▁▁▁▂ ▁▂▁▁ ▂▁▁ ▁▁▂▁▁▁ ▁▂▁▁ ▂▁▁▂▁ ▁▁▂ ▁▁▁▂▁ ▁▂▁▁▁ ▂▁▁ ▁▁▂▁▁ ▁▂▁▁▂ ▁▁▁▂ ▁▂▁▁ ▂▁▁▁ ▁▁▂▁ ▁▂▁▁▂▁ ▁▁▂▁ ▂▁▁▁ ▁▂▁ ▁▁▂▁▁ ▂▁▁▂ ▁▁▁▂ ▁▂▁▁ ▂▁▁ ▁▁▂▁▁▁ ▁▂▁▁ ▂▁▁▂▁ ▁▁▂ ▁▁▁▂▁ ▁▂▁▁▁ ▂▁▁ ▁▁▂▁▁ ▁▂▁▁▂ ▁▁▁▂ ▁▂▁▁ ▂▁▁▁ ▁▁▂▁ ▁▂▁▁▂▁ ▁▁▂▁ ▂▁▁▁ ▁▂▁ ▁▁▂▁▁ ▂▁▁▂ ▁▁▁▂ ▁▂▁▁ ▂▁▁ ▁▁▂▁▁▁ ▁▂▁▁ ▂▁▁▂▁ ▁▁▂ ▁▁▁▂▁ ▁▂▁▁▁ ▂▁▁ ▁▁▂▁▁ ▁▂▁▁▂ ▁▁▁▂ ▁▂▁▁ ▂▁▁▁ ▁▁▂▁ ▁▂▁▁▂▁ ▁▁▂▁ ▂▁▁▁ ▁▂▁ ▁▁▂▁▁ ▂▁▁▂ ▁▁▁▂ ▁▂▁▁ ▂▁▁ ▁▁▂▁▁▁ ▁▂▁▁ ▂▁▁▂▁ ▁▁▂ ▁▁▁▂▁ ▁▂▁▁▁ ▂▁▁ ▁▁▂▁▁ ▁▂▁▁▂ ▁▁▁▂ ▁▂▁▁ ▂▁▁▁ ▁▁▂▁ ▁▂▁▁▂▁ ▁▁▂▁ ▂▁▁▁ ▁▂▁ ▁▁▂▁▁ ▂▁▁▂ ▁▁▁▂ ▁▂▁▁ ▂▁▁ ▁▁▂▁▁▁ ▁▂▁▁ ▂▁▁▂▁ ▁▁▂ ▁▁▁▂▁ ▁▂▁▁▁ ▂▁▁ ▁▁▂▁▁ ▁▂▁▁▂ ▁▁▁▂ ▁▂▁▁ ▂▁▁▁ ▁▁▂▁ ▁▂▁▁▂▁
